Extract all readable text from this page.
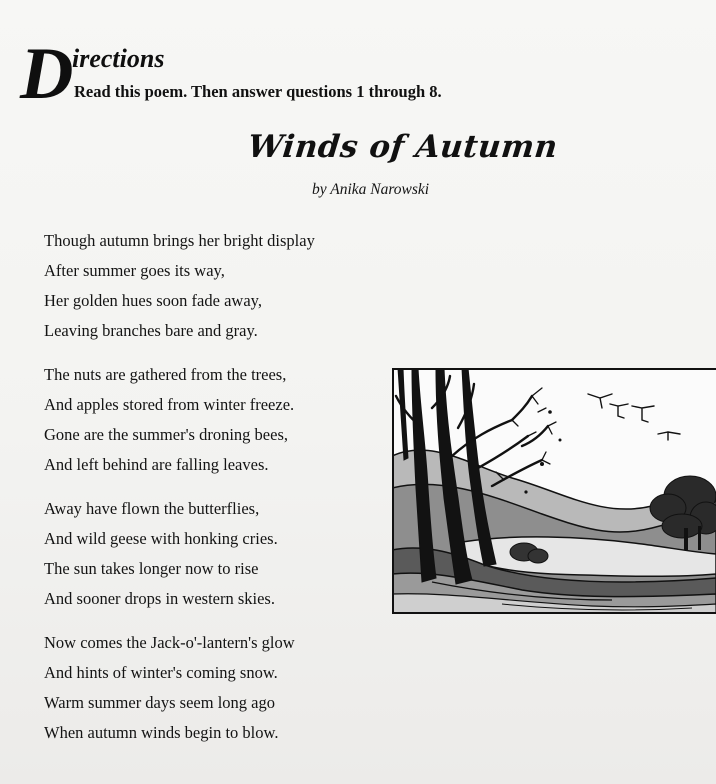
D irections
Read this poem. Then answer questions 1 through 8.
Winds of Autumn
by Anika Narowski
Though autumn brings her bright display
After summer goes its way,
Her golden hues soon fade away,
Leaving branches bare and gray.
The nuts are gathered from the trees,
And apples stored from winter freeze.
Gone are the summer's droning bees,
And left behind are falling leaves.
Away have flown the butterflies,
And wild geese with honking cries.
The sun takes longer now to rise
And sooner drops in western skies.
Now comes the Jack-o'-lantern's glow
And hints of winter's coming snow.
Warm summer days seem long ago
When autumn winds begin to blow.
